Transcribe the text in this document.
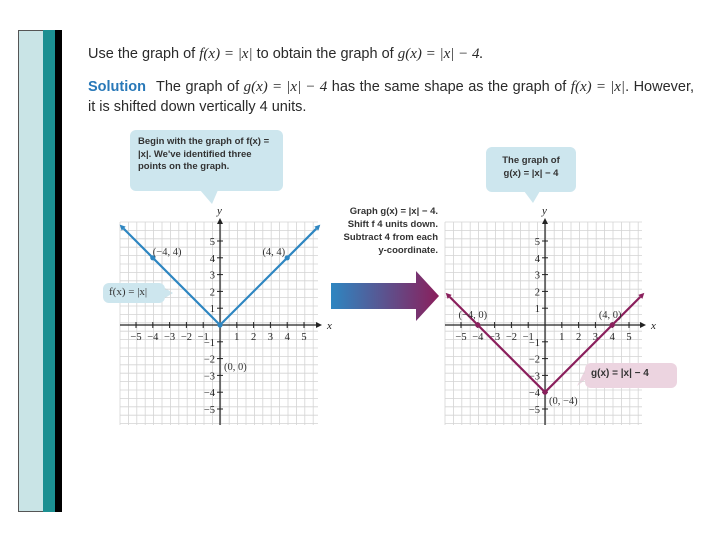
Use the graph of f(x) = |x| to obtain the graph of g(x) = |x| − 4.
Solution The graph of g(x) = |x| − 4 has the same shape as the graph of f(x) = |x|. However, it is shifted down vertically 4 units.
x
y
−5 −4 −3 −2 −1 1 2 3 4 5
5
4
3
2
1
−1
−2
−3
−4
−5
(−4, 4)	(4, 4)
(0, 0)
x
y
−5 −4 −3 −2 −1 1 2 3 4 5
5
4
3
2
1
−1
−2
−3
−4
−5
(−4, 0)	(4, 0)
(0, −4)
Begin with the graph of f(x) = |x|. We've identified three points on the graph.
The graph of g(x) = |x| − 4
f(x) = |x|
g(x) = |x| − 4
Graph g(x) = |x| − 4.
Shift f 4 units down.
Subtract 4 from each
y-coordinate.
